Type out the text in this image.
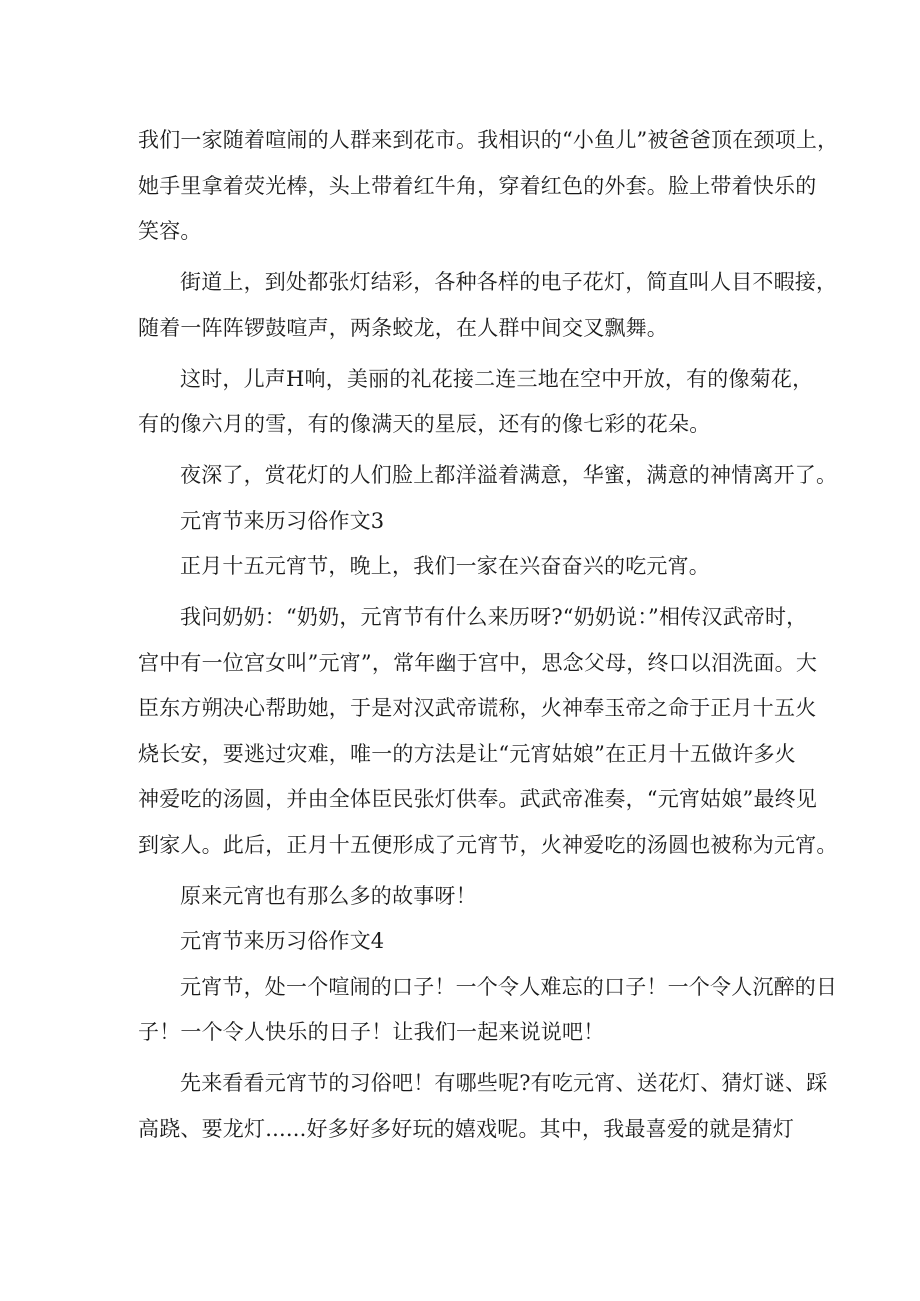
我们一家随着喧闹的人群来到花市。我相识的“小鱼儿”被爸爸顶在颈项上，
她手里拿着荧光棒，头上带着红牛角，穿着红色的外套。脸上带着快乐的
笑容。
街道上，到处都张灯结彩，各种各样的电子花灯，简直叫人目不暇接，
随着一阵阵锣鼓喧声，两条蛟龙，在人群中间交叉飘舞。
这时，儿声H响，美丽的礼花接二连三地在空中开放，有的像菊花，
有的像六月的雪，有的像满天的星辰，还有的像七彩的花朵。
夜深了，赏花灯的人们脸上都洋溢着满意，华蜜，满意的神情离开了。
元宵节来历习俗作文3
正月十五元宵节，晚上，我们一家在兴奋奋兴的吃元宵。
我问奶奶：“奶奶，元宵节有什么来历呀?“奶奶说：”相传汉武帝时，
宫中有一位宫女叫”元宵”，常年幽于宫中，思念父母，终口以泪洗面。大
臣东方朔决心帮助她，于是对汉武帝谎称，火神奉玉帝之命于正月十五火
烧长安，要逃过灾难，唯一的方法是让“元宵姑娘”在正月十五做许多火
神爱吃的汤圆，并由全体臣民张灯供奉。武武帝准奏，“元宵姑娘”最终见
到家人。此后，正月十五便形成了元宵节，火神爱吃的汤圆也被称为元宵。
原来元宵也有那么多的故事呀！
元宵节来历习俗作文4
元宵节，处一个喧闹的口子！一个令人难忘的口子！一个令人沉醉的日
子！一个令人快乐的日子！让我们一起来说说吧！
先来看看元宵节的习俗吧！有哪些呢?有吃元宵、送花灯、猜灯谜、踩
高跷、要龙灯......好多好多好玩的嬉戏呢。其中，我最喜爱的就是猜灯
